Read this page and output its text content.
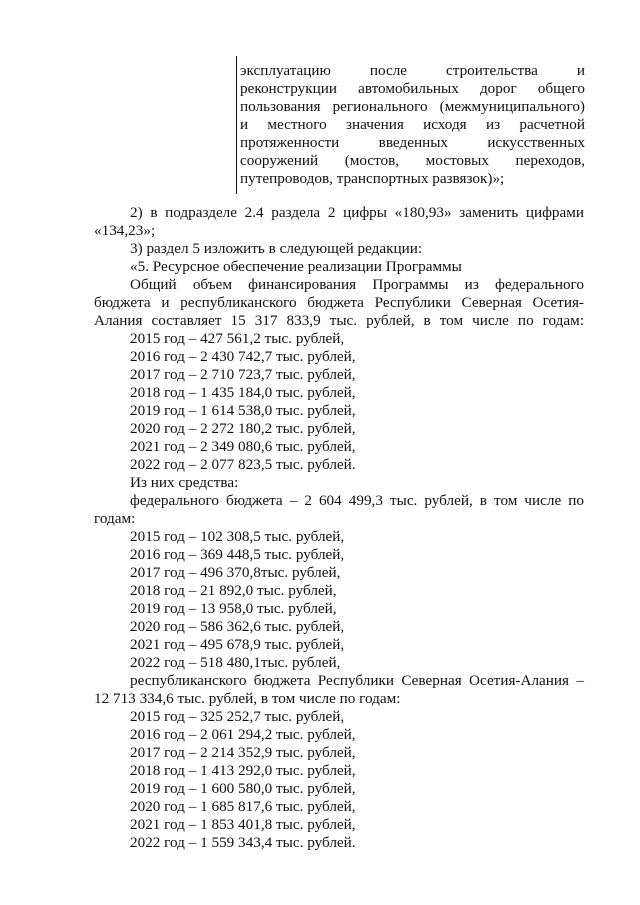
эксплуатацию после строительства и
реконструкции автомобильных дорог общего
пользования регионального (межмуниципального)
и местного значения исходя из расчетной
протяженности введенных искусственных
сооружений (мостов, мостовых переходов,
путепроводов, транспортных развязок)»;
2) в подразделе 2.4 раздела 2 цифры «180,93» заменить цифрами
«134,23»;
3) раздел 5 изложить в следующей редакции:
«5. Ресурсное обеспечение реализации Программы
Общий объем финансирования Программы из федерального
бюджета и республиканского бюджета Республики Северная Осетия-
Алания составляет 15 317 833,9 тыс. рублей, в том числе по годам:
2015 год – 427 561,2 тыс. рублей,
2016 год – 2 430 742,7 тыс. рублей,
2017 год – 2 710 723,7 тыс. рублей,
2018 год – 1 435 184,0 тыс. рублей,
2019 год – 1 614 538,0 тыс. рублей,
2020 год – 2 272 180,2 тыс. рублей,
2021 год – 2 349 080,6 тыс. рублей,
2022 год – 2 077 823,5 тыс. рублей.
Из них средства:
федерального бюджета – 2 604 499,3 тыс. рублей, в том числе по
годам:
2015 год – 102 308,5 тыс. рублей,
2016 год – 369 448,5 тыс. рублей,
2017 год – 496 370,8тыс. рублей,
2018 год – 21 892,0 тыс. рублей,
2019 год – 13 958,0 тыс. рублей,
2020 год – 586 362,6 тыс. рублей,
2021 год – 495 678,9 тыс. рублей,
2022 год – 518 480,1тыс. рублей,
республиканского бюджета Республики Северная Осетия-Алания –
12 713 334,6 тыс. рублей, в том числе по годам:
2015 год – 325 252,7 тыс. рублей,
2016 год – 2 061 294,2 тыс. рублей,
2017 год – 2 214 352,9 тыс. рублей,
2018 год – 1 413 292,0 тыс. рублей,
2019 год – 1 600 580,0 тыс. рублей,
2020 год – 1 685 817,6 тыс. рублей,
2021 год – 1 853 401,8 тыс. рублей,
2022 год – 1 559 343,4 тыс. рублей.
